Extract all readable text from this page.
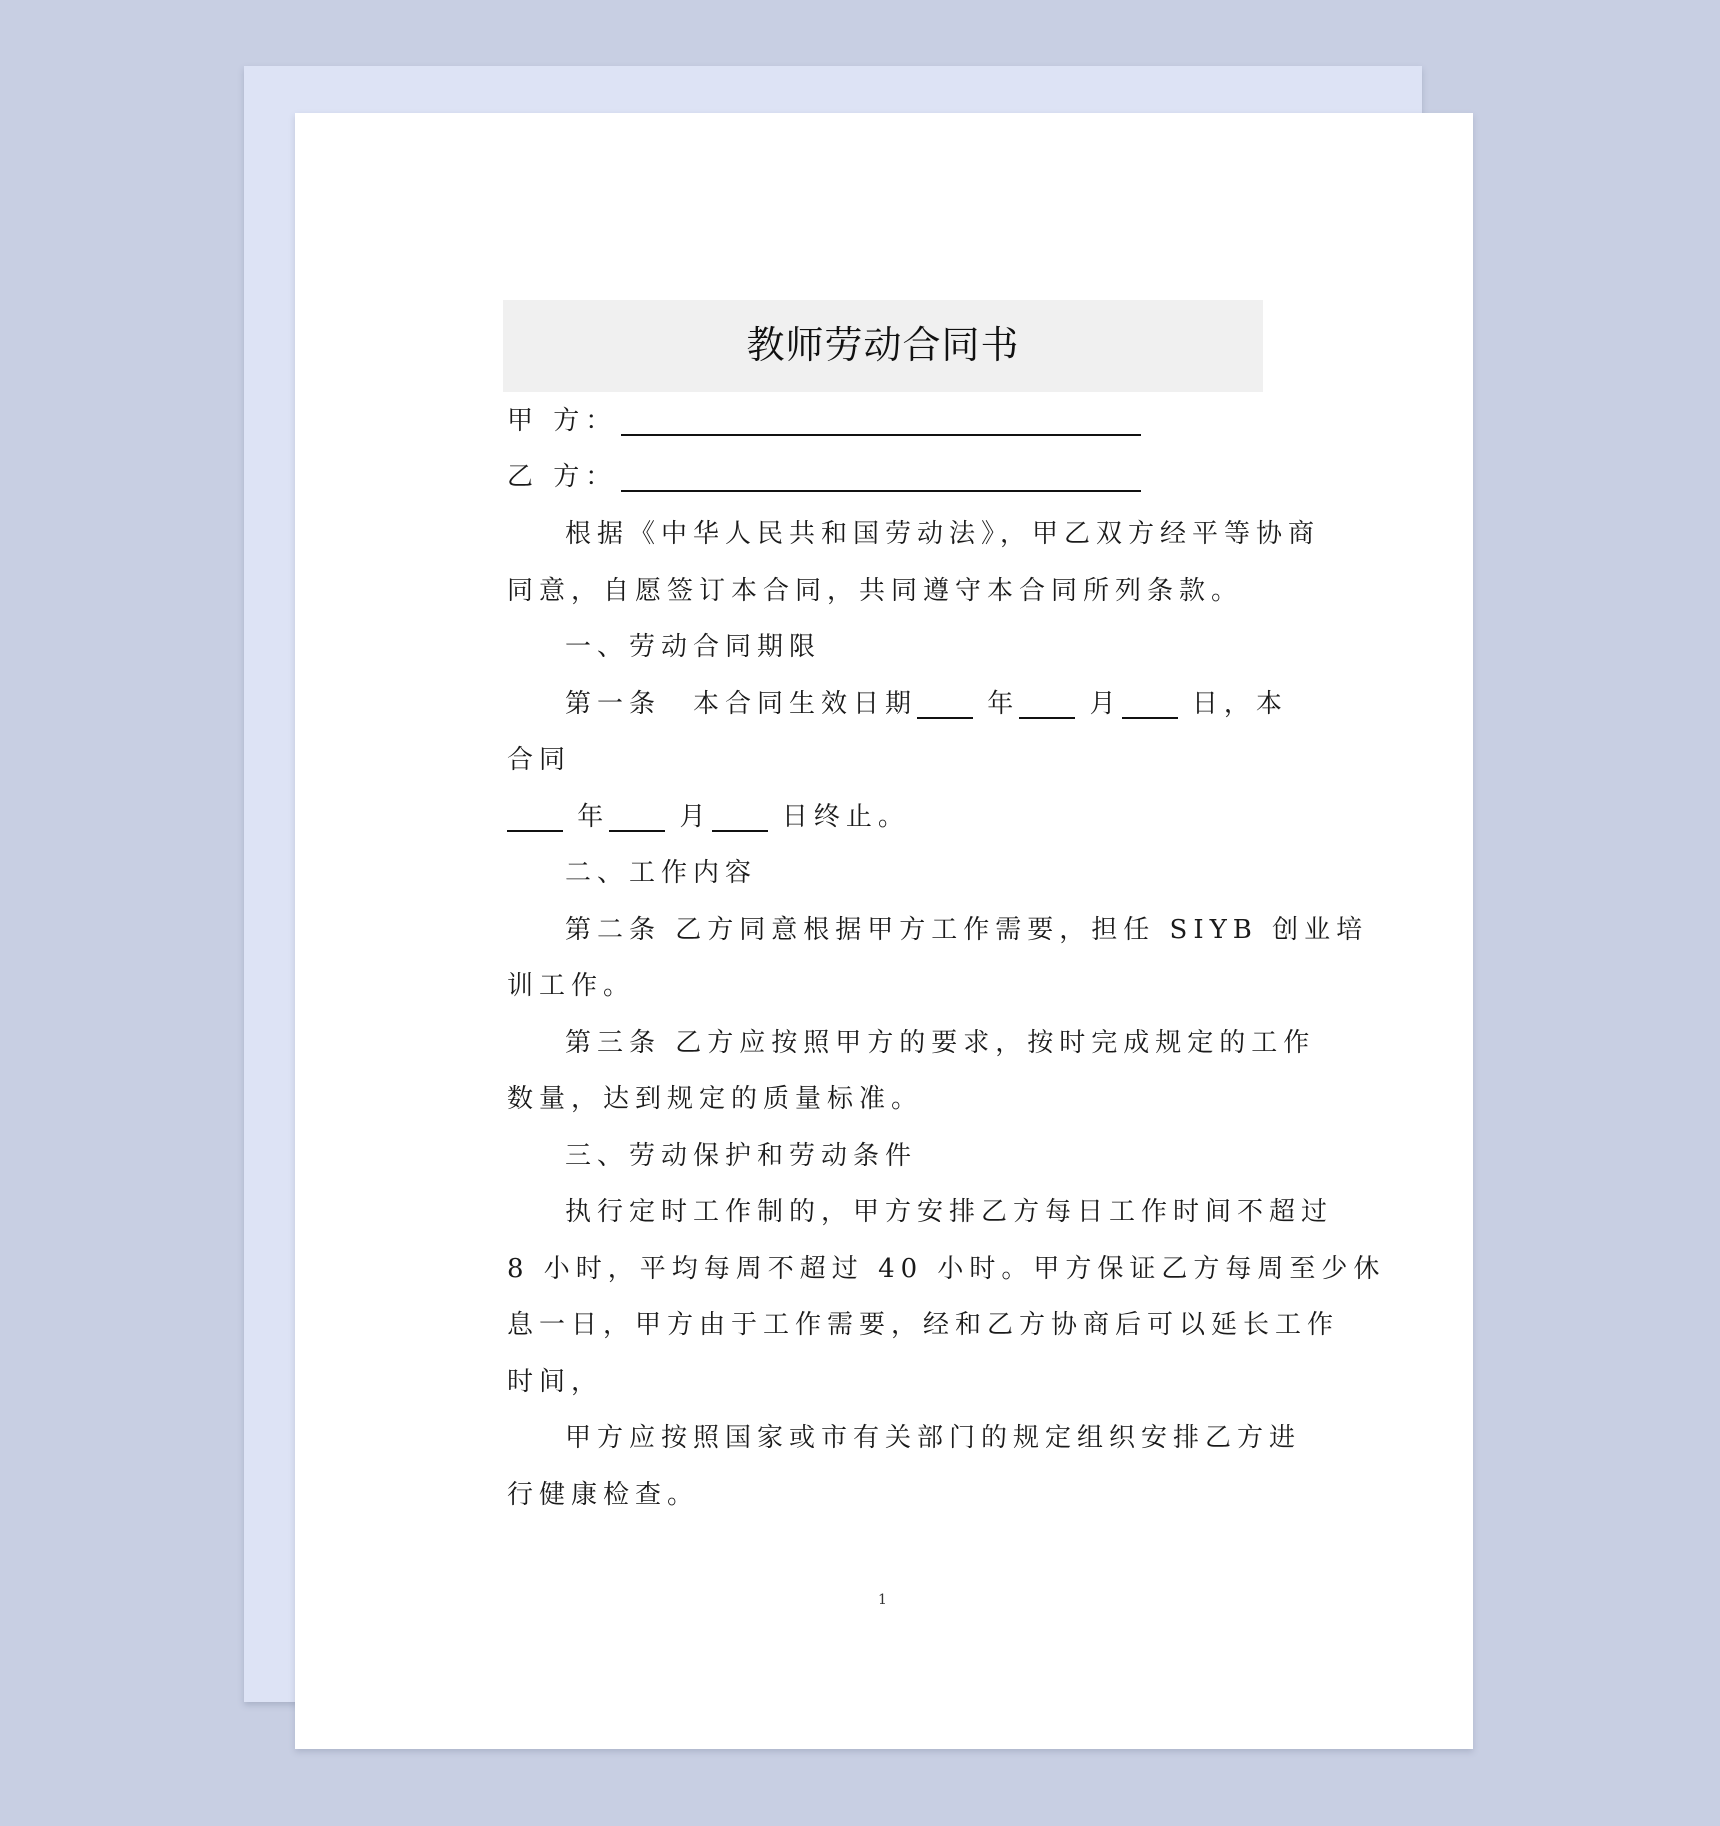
教师劳动合同书
甲 方：
乙 方：
根据《中华人民共和国劳动法》，甲乙双方经平等协商
同意，自愿签订本合同，共同遵守本合同所列条款。
一、劳动合同期限
第一条　本合同生效日期	年	月	日，本
合同
年	月	日终止。
二、工作内容
第二条 乙方同意根据甲方工作需要，担任 SIYB 创业培
训工作。
第三条 乙方应按照甲方的要求，按时完成规定的工作
数量，达到规定的质量标准。
三、劳动保护和劳动条件
执行定时工作制的，甲方安排乙方每日工作时间不超过
8 小时，平均每周不超过 40 小时。甲方保证乙方每周至少休
息一日，甲方由于工作需要，经和乙方协商后可以延长工作
时间，
甲方应按照国家或市有关部门的规定组织安排乙方进
行健康检查。
1
